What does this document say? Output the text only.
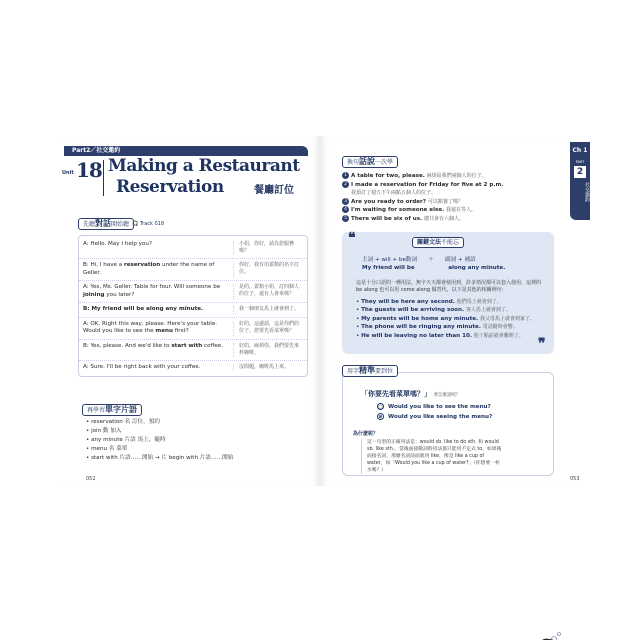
Part2／社交邀約
Unit 18 Making a Restaurant
Reservation	餐廳訂位
先聽對話開始聽 🎧 Track 018
A: Hello. May I help you?	小姐，你好，請為您服務嗎？
B: Hi, I have a reservation under the name of Geller.
你好，我有用蓋勒的名字訂位。
A: Yes, Ms. Geller. Table for four. Will someone be joining you later?
是的，蓋勒小姐，訂四個人的位子，還有人會來嗎？
B: My friend will be along any minute.	我一個朋友馬上就會到了。
A: OK. Right this way, please. Here's your table. Would you like to see the menu first?
好的，這邊請，這是你們的位子，您要先看菜單嗎？
B: Yes, please. And we'd like to start with coffee.	好的，麻煩你，我們要先來杯咖啡。
A: Sure. I'll be right back with your coffee.	沒問題，咖啡馬上來。
再學習單字片語
• reservation 名 訂位，預約
• join 動 加入
• any minute 片語 馬上，隨時
• menu 名 菜單
• start with 片語……開始 → 片 begin with 片語……開始
052
Ch 1
PART
2
社交邀約
換句話說一次學
1 A table for two, please. 麻煩給我們兩個人的位子。
2 I made a reservation for Friday for five at 2 p.m.
我預訂了週五下午兩點五個人的位子。
3 Are you ready to order? 可以點餐了嗎？
4 I'm waiting for someone else. 我還在等人。
5 There will be six of us. 總共會有六個人。
❝	關鍵文法不能忘
主詞 + will + be動詞　　＋　　副詞 + 補語
My friend will be　　　　　　along any minute.
這是十分口語的一種用法，無字天天都會使用到，許多情況都可以套入使用，這裡的 be along 也可以用 come along 做替代，以下是其他的相關例句：
• They will be here any second. 他們馬上就會到了。
• The guests will be arriving soon. 客人馬上就會到了。
• My parents will be home any minute. 我父母馬上就會到家了。
• The phone will be ringing any minute. 電話隨時會響。
• He will be leaving no later than 10. 他十點前就會離開了。
❞
用字精準要到位
「你要先看菜單嗎？」 要怎麼說呢？
○ Would you like to see the menu?
⊗ Would you like seeing the menu?
為什麼呢？
這一句型的正確用法是：would sb. like to do sth. 和 would sb. like sth.，當後面接動詞時用法都只能用不定式 to，如果後面接名詞，那麼名詞前面就用 like，像是 like a cup of water，如「Would you like a cup of water?」（你想要一杯水嗎？）
053
